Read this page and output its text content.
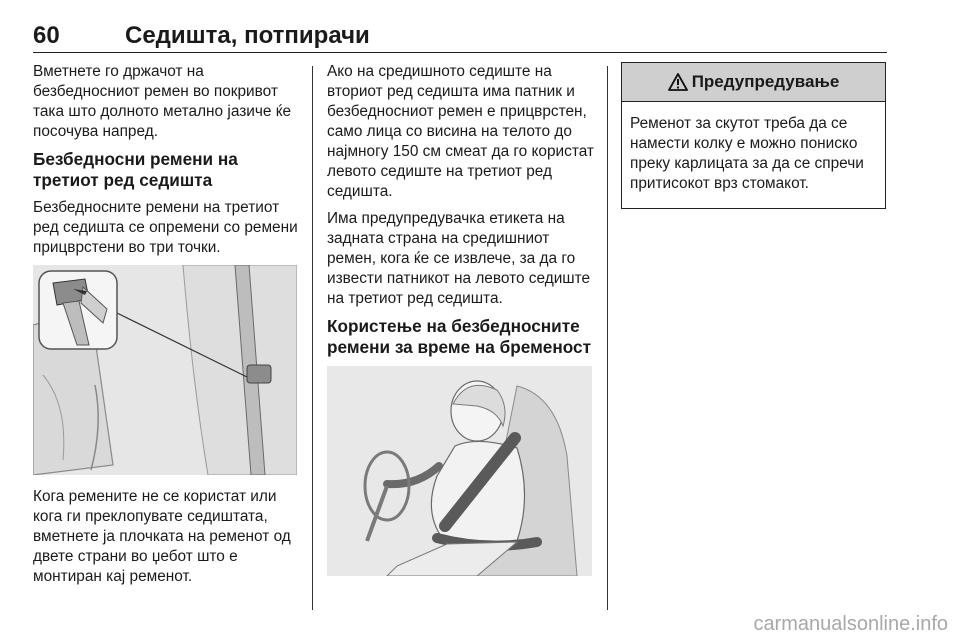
60	Седишта, потпирачи

Вметнете го држачот на безбедносниот ремен во покривот така што долното метално јазиче ќе посочува напред.

Безбедносни ремени на третиот ред седишта

Безбедносните ремени на третиот ред седишта се опремени со ремени прицврстени во три точки.

Кога ремените не се користат или кога ги преклопувате седиштата, вметнете ја плочката на ременот од двете страни во џебот што е монтиран кај ременот.

Ако на средишното седиште на вториот ред седишта има патник и безбедносниот ремен е прицврстен, само лица со висина на телото до најмногу 150 см смеат да го користат левото седиште на третиот ред седишта.

Има предупредувачка етикета на задната страна на средишниот ремен, кога ќе се извлече, за да го извести патникот на левото седиште на третиот ред седишта.

Користење на безбедносните ремени за време на бременост
Предупредување
Ременот за скутот треба да се намести колку е можно пониско преку карлицата за да се спречи притисокот врз стомакот.
carmanualsonline.info
